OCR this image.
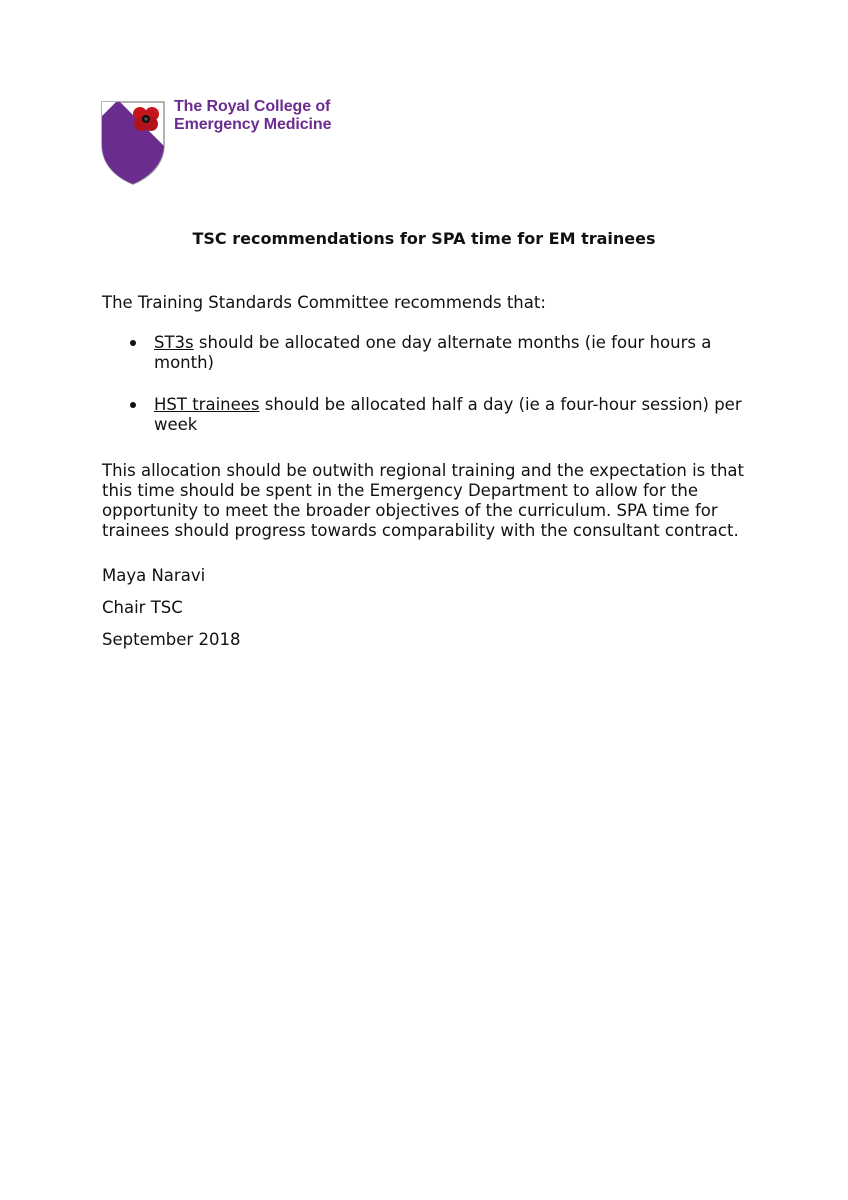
The Royal College of
Emergency Medicine
TSC recommendations for SPA time for EM trainees

The Training Standards Committee recommends that:

ST3s should be allocated one day alternate months (ie four hours a month)
HST trainees should be allocated half a day (ie a four-hour session) per week

This allocation should be outwith regional training and the expectation is that this time should be spent in the Emergency Department to allow for the opportunity to meet the broader objectives of the curriculum. SPA time for trainees should progress towards comparability with the consultant contract.

Maya Naravi

Chair TSC

September 2018
